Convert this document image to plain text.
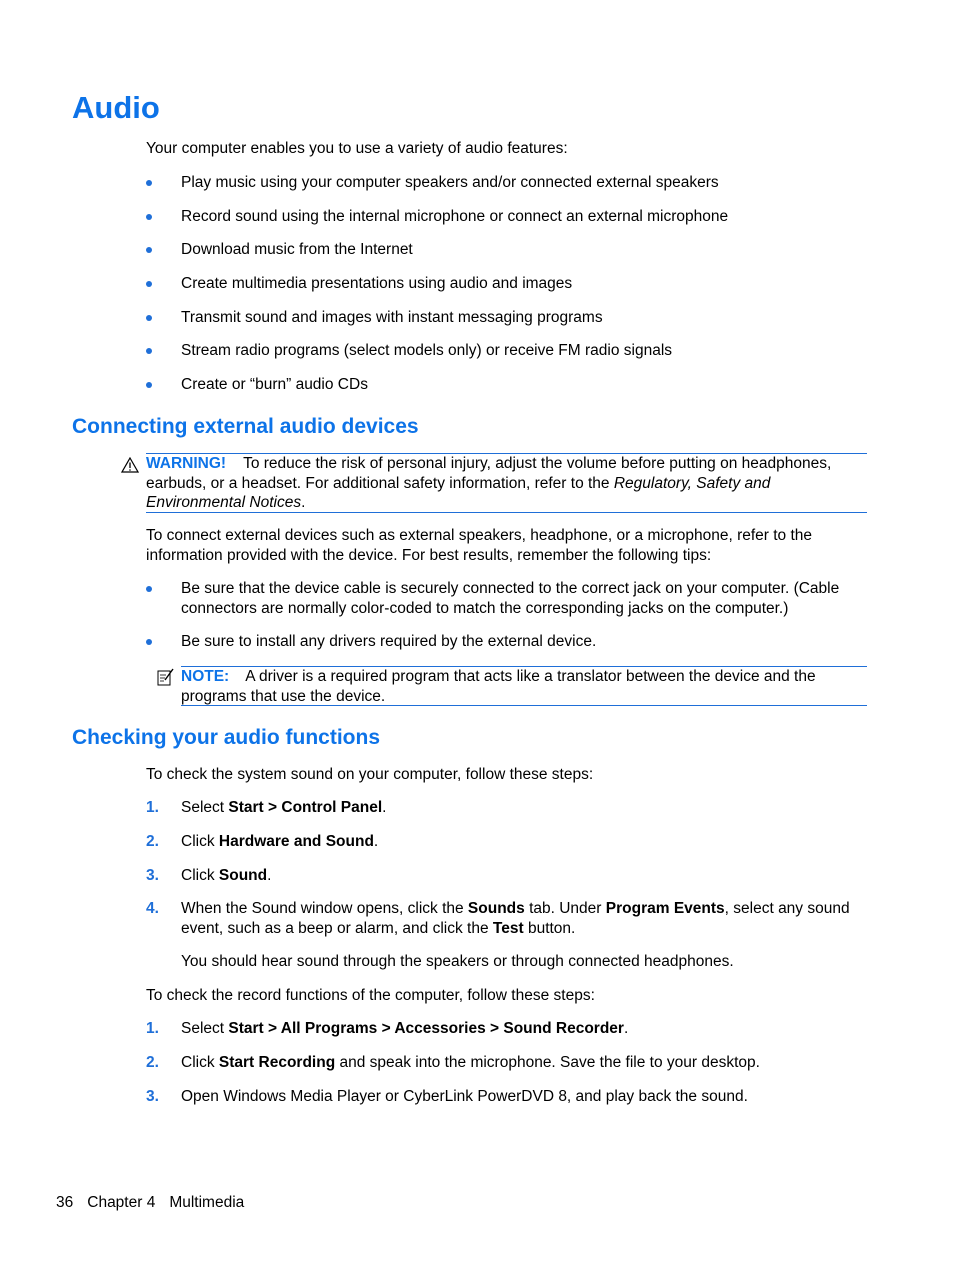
Audio

Your computer enables you to use a variety of audio features:

Play music using your computer speakers and/or connected external speakers
Record sound using the internal microphone or connect an external microphone
Download music from the Internet
Create multimedia presentations using audio and images
Transmit sound and images with instant messaging programs
Stream radio programs (select models only) or receive FM radio signals
Create or “burn” audio CDs
Connecting external audio devices
WARNING! To reduce the risk of personal injury, adjust the volume before putting on headphones, earbuds, or a headset. For additional safety information, refer to the Regulatory, Safety and Environmental Notices.

To connect external devices such as external speakers, headphone, or a microphone, refer to the information provided with the device. For best results, remember the following tips:

Be sure that the device cable is securely connected to the correct jack on your computer. (Cable connectors are normally color-coded to match the corresponding jacks on the computer.)
Be sure to install any drivers required by the external device.
NOTE: A driver is a required program that acts like a translator between the device and the programs that use the device.
Checking your audio functions

To check the system sound on your computer, follow these steps:

1. Select Start > Control Panel.
2. Click Hardware and Sound.
3. Click Sound.
4. When the Sound window opens, click the Sounds tab. Under Program Events, select any sound event, such as a beep or alarm, and click the Test button.

You should hear sound through the speakers or through connected headphones.

To check the record functions of the computer, follow these steps:

1. Select Start > All Programs > Accessories > Sound Recorder.
2. Click Start Recording and speak into the microphone. Save the file to your desktop.
3. Open Windows Media Player or CyberLink PowerDVD 8, and play back the sound.
36 Chapter 4 Multimedia
